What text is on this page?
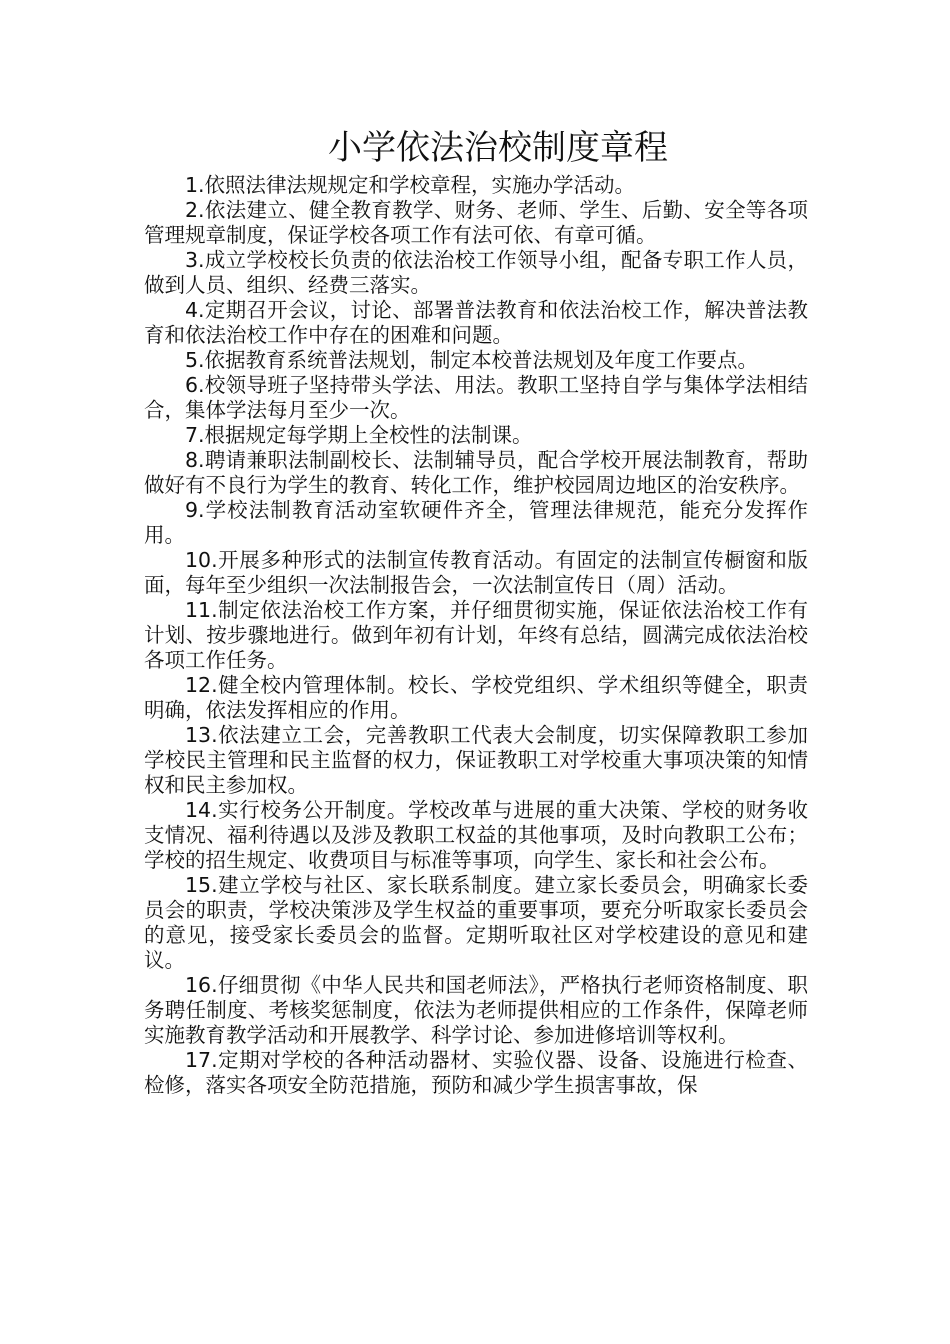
小学依法治校制度章程

1.依照法律法规规定和学校章程，实施办学活动。

2.依法建立、健全教育教学、财务、老师、学生、后勤、安全等各项管理规章制度，保证学校各项工作有法可依、有章可循。

3.成立学校校长负责的依法治校工作领导小组，配备专职工作人员，做到人员、组织、经费三落实。

4.定期召开会议，讨论、部署普法教育和依法治校工作，解决普法教育和依法治校工作中存在的困难和问题。

5.依据教育系统普法规划，制定本校普法规划及年度工作要点。

6.校领导班子坚持带头学法、用法。教职工坚持自学与集体学法相结合，集体学法每月至少一次。

7.根据规定每学期上全校性的法制课。

8.聘请兼职法制副校长、法制辅导员，配合学校开展法制教育，帮助做好有不良行为学生的教育、转化工作，维护校园周边地区的治安秩序。

9.学校法制教育活动室软硬件齐全，管理法律规范，能充分发挥作用。

10.开展多种形式的法制宣传教育活动。有固定的法制宣传橱窗和版面，每年至少组织一次法制报告会，一次法制宣传日（周）活动。

11.制定依法治校工作方案，并仔细贯彻实施，保证依法治校工作有计划、按步骤地进行。做到年初有计划，年终有总结，圆满完成依法治校各项工作任务。

12.健全校内管理体制。校长、学校党组织、学术组织等健全，职责明确，依法发挥相应的作用。

13.依法建立工会，完善教职工代表大会制度，切实保障教职工参加学校民主管理和民主监督的权力，保证教职工对学校重大事项决策的知情权和民主参加权。

14.实行校务公开制度。学校改革与进展的重大决策、学校的财务收支情况、福利待遇以及涉及教职工权益的其他事项，及时向教职工公布；学校的招生规定、收费项目与标准等事项，向学生、家长和社会公布。

15.建立学校与社区、家长联系制度。建立家长委员会，明确家长委员会的职责，学校决策涉及学生权益的重要事项，要充分听取家长委员会的意见，接受家长委员会的监督。定期听取社区对学校建设的意见和建议。

16.仔细贯彻《中华人民共和国老师法》，严格执行老师资格制度、职务聘任制度、考核奖惩制度，依法为老师提供相应的工作条件，保障老师实施教育教学活动和开展教学、科学讨论、参加进修培训等权利。

17.定期对学校的各种活动器材、实验仪器、设备、设施进行检查、检修，落实各项安全防范措施，预防和减少学生损害事故，保
